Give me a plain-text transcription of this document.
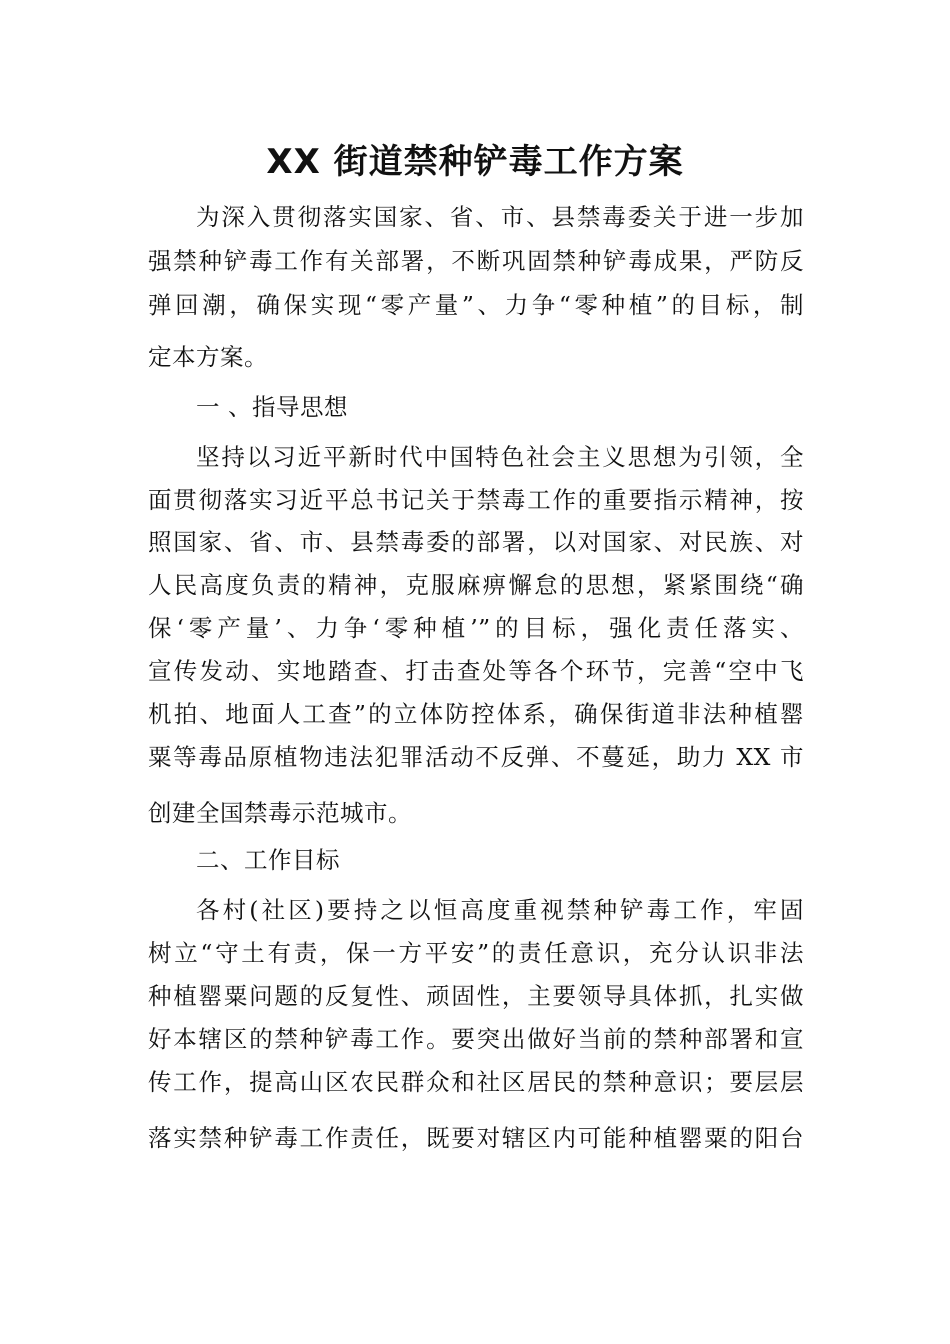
XX 街道禁种铲毒工作方案
为深入贯彻落实国家、省、市、县禁毒委关于进一步加
强禁种铲毒工作有关部署，不断巩固禁种铲毒成果，严防反
弹回潮，确保实现“零产量”、力争“零种植”的目标，制
定本方案。
一 、指导思想
坚持以习近平新时代中国特色社会主义思想为引领，全
面贯彻落实习近平总书记关于禁毒工作的重要指示精神，按
照国家、省、市、县禁毒委的部署，以对国家、对民族、对
人民高度负责的精神，克服麻痹懈怠的思想，紧紧围绕“确
保‘零产量’、力争‘零种植’”的目标，强化责任落实、
宣传发动、实地踏查、打击查处等各个环节，完善“空中飞
机拍、地面人工查”的立体防控体系，确保街道非法种植罂
粟等毒品原植物违法犯罪活动不反弹、不蔓延，助力 XX 市
创建全国禁毒示范城市。
二、工作目标
各村(社区)要持之以恒高度重视禁种铲毒工作，牢固
树立“守土有责，保一方平安”的责任意识，充分认识非法
种植罂粟问题的反复性、顽固性，主要领导具体抓，扎实做
好本辖区的禁种铲毒工作。要突出做好当前的禁种部署和宣
传工作，提高山区农民群众和社区居民的禁种意识；要层层
落实禁种铲毒工作责任，既要对辖区内可能种植罂粟的阳台
